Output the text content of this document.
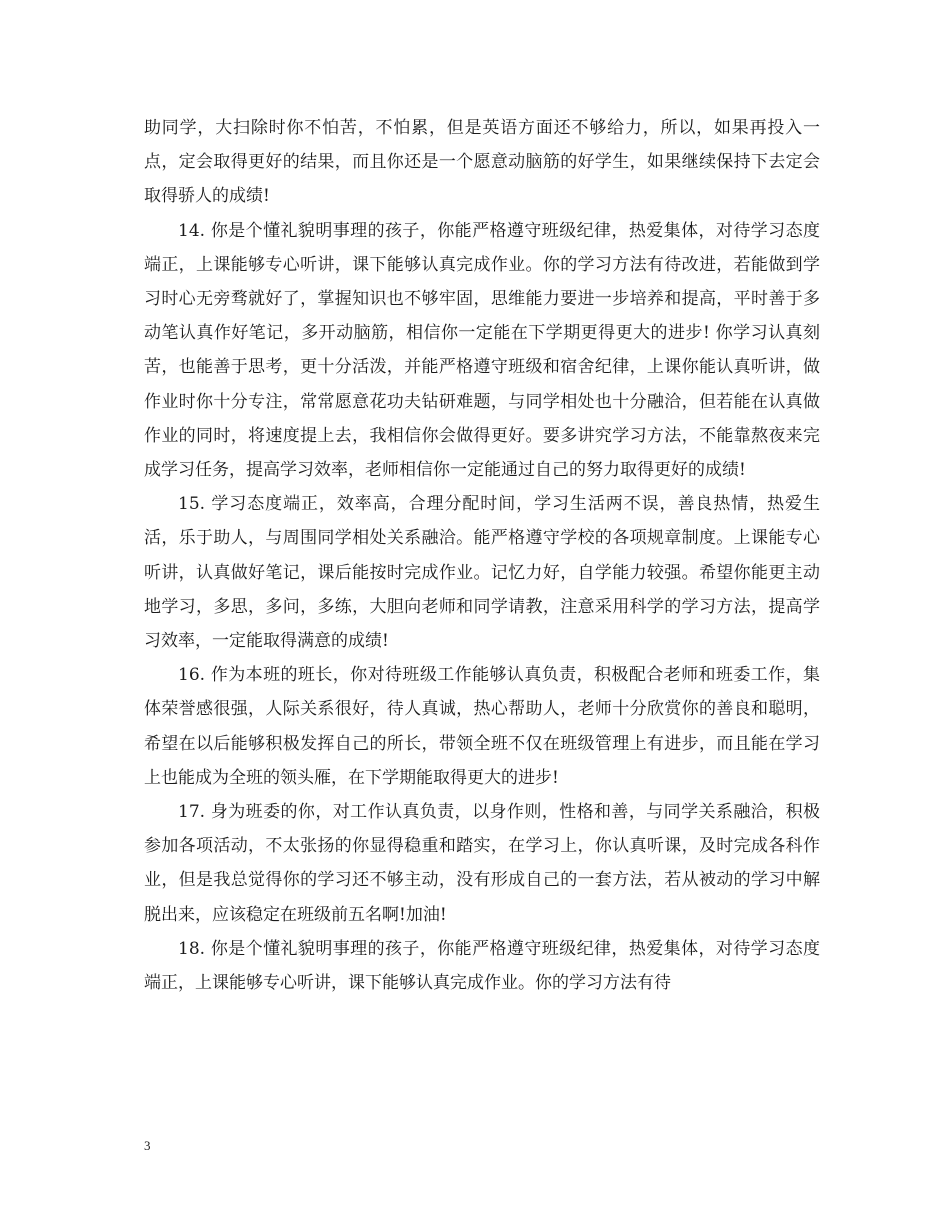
助同学，大扫除时你不怕苦，不怕累，但是英语方面还不够给力，所以，如果再投入一点，定会取得更好的结果，而且你还是一个愿意动脑筋的好学生，如果继续保持下去定会取得骄人的成绩!

14. 你是个懂礼貌明事理的孩子，你能严格遵守班级纪律，热爱集体，对待学习态度端正，上课能够专心听讲，课下能够认真完成作业。你的学习方法有待改进，若能做到学习时心无旁骛就好了，掌握知识也不够牢固，思维能力要进一步培养和提高，平时善于多动笔认真作好笔记，多开动脑筋，相信你一定能在下学期更得更大的进步! 你学习认真刻苦，也能善于思考，更十分活泼，并能严格遵守班级和宿舍纪律，上课你能认真听讲，做作业时你十分专注，常常愿意花功夫钻研难题，与同学相处也十分融洽，但若能在认真做作业的同时，将速度提上去，我相信你会做得更好。要多讲究学习方法，不能靠熬夜来完成学习任务，提高学习效率，老师相信你一定能通过自己的努力取得更好的成绩!

15. 学习态度端正，效率高，合理分配时间，学习生活两不误，善良热情，热爱生活，乐于助人，与周围同学相处关系融洽。能严格遵守学校的各项规章制度。上课能专心听讲，认真做好笔记，课后能按时完成作业。记忆力好，自学能力较强。希望你能更主动地学习，多思，多问，多练，大胆向老师和同学请教，注意采用科学的学习方法，提高学习效率，一定能取得满意的成绩!

16. 作为本班的班长，你对待班级工作能够认真负责，积极配合老师和班委工作，集体荣誉感很强，人际关系很好，待人真诚，热心帮助人，老师十分欣赏你的善良和聪明，希望在以后能够积极发挥自己的所长，带领全班不仅在班级管理上有进步，而且能在学习上也能成为全班的领头雁，在下学期能取得更大的进步!

17. 身为班委的你，对工作认真负责，以身作则，性格和善，与同学关系融洽，积极参加各项活动，不太张扬的你显得稳重和踏实，在学习上，你认真听课，及时完成各科作业，但是我总觉得你的学习还不够主动，没有形成自己的一套方法，若从被动的学习中解脱出来，应该稳定在班级前五名啊!加油!

18. 你是个懂礼貌明事理的孩子，你能严格遵守班级纪律，热爱集体，对待学习态度端正，上课能够专心听讲，课下能够认真完成作业。你的学习方法有待

3
